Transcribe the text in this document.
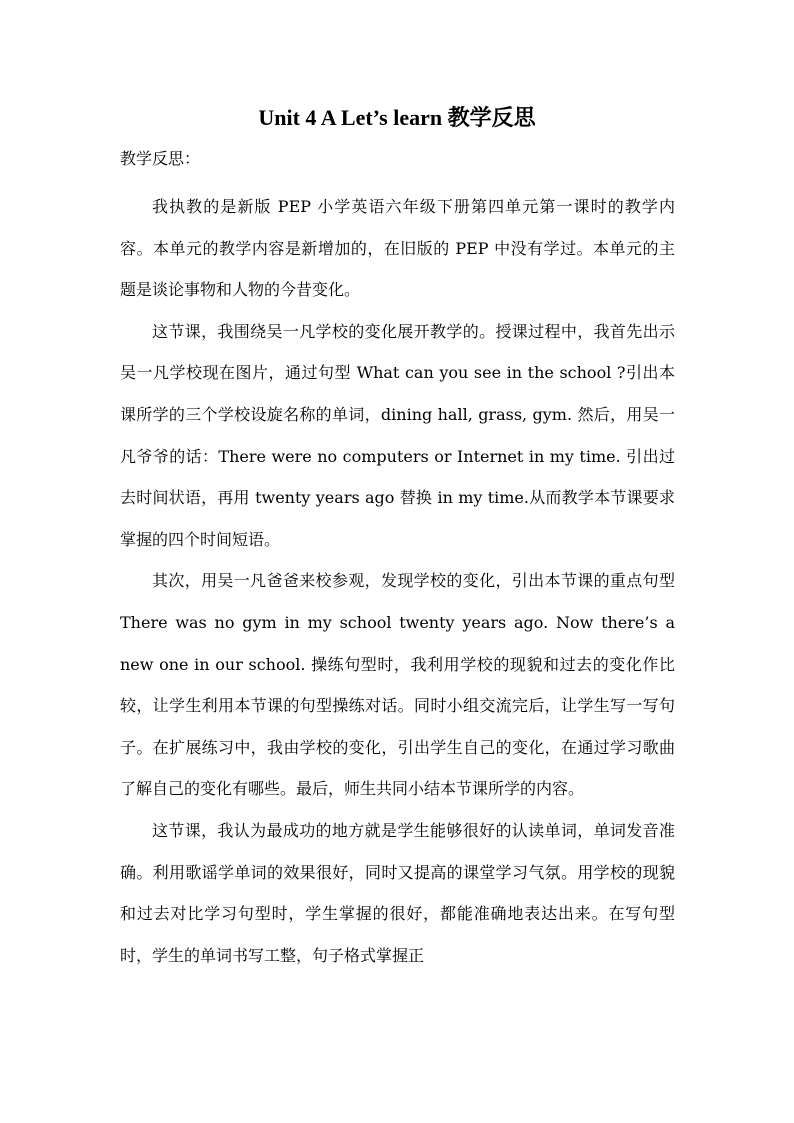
Unit 4 A Let’s learn 教学反思
教学反思：

我执教的是新版 PEP 小学英语六年级下册第四单元第一课时的教学内容。本单元的教学内容是新增加的，在旧版的 PEP 中没有学过。本单元的主题是谈论事物和人物的今昔变化。

这节课，我围绕吴一凡学校的变化展开教学的。授课过程中，我首先出示吴一凡学校现在图片，通过句型 What can you see in the school ?引出本课所学的三个学校设旋名称的单词，dining hall, grass, gym. 然后，用吴一凡爷爷的话：There were no computers or Internet in my time. 引出过去时间状语，再用 twenty years ago 替换 in my time.从而教学本节课要求掌握的四个时间短语。

其次，用吴一凡爸爸来校参观，发现学校的变化，引出本节课的重点句型 There was no gym in my school twenty years ago. Now there’s a new one in our school. 操练句型时，我利用学校的现貌和过去的变化作比较，让学生利用本节课的句型操练对话。同时小组交流完后，让学生写一写句子。在扩展练习中，我由学校的变化，引出学生自己的变化，在通过学习歌曲了解自己的变化有哪些。最后，师生共同小结本节课所学的内容。

这节课，我认为最成功的地方就是学生能够很好的认读单词，单词发音准确。利用歌谣学单词的效果很好，同时又提高的课堂学习气氛。用学校的现貌和过去对比学习句型时，学生掌握的很好，都能准确地表达出来。在写句型时，学生的单词书写工整，句子格式掌握正
